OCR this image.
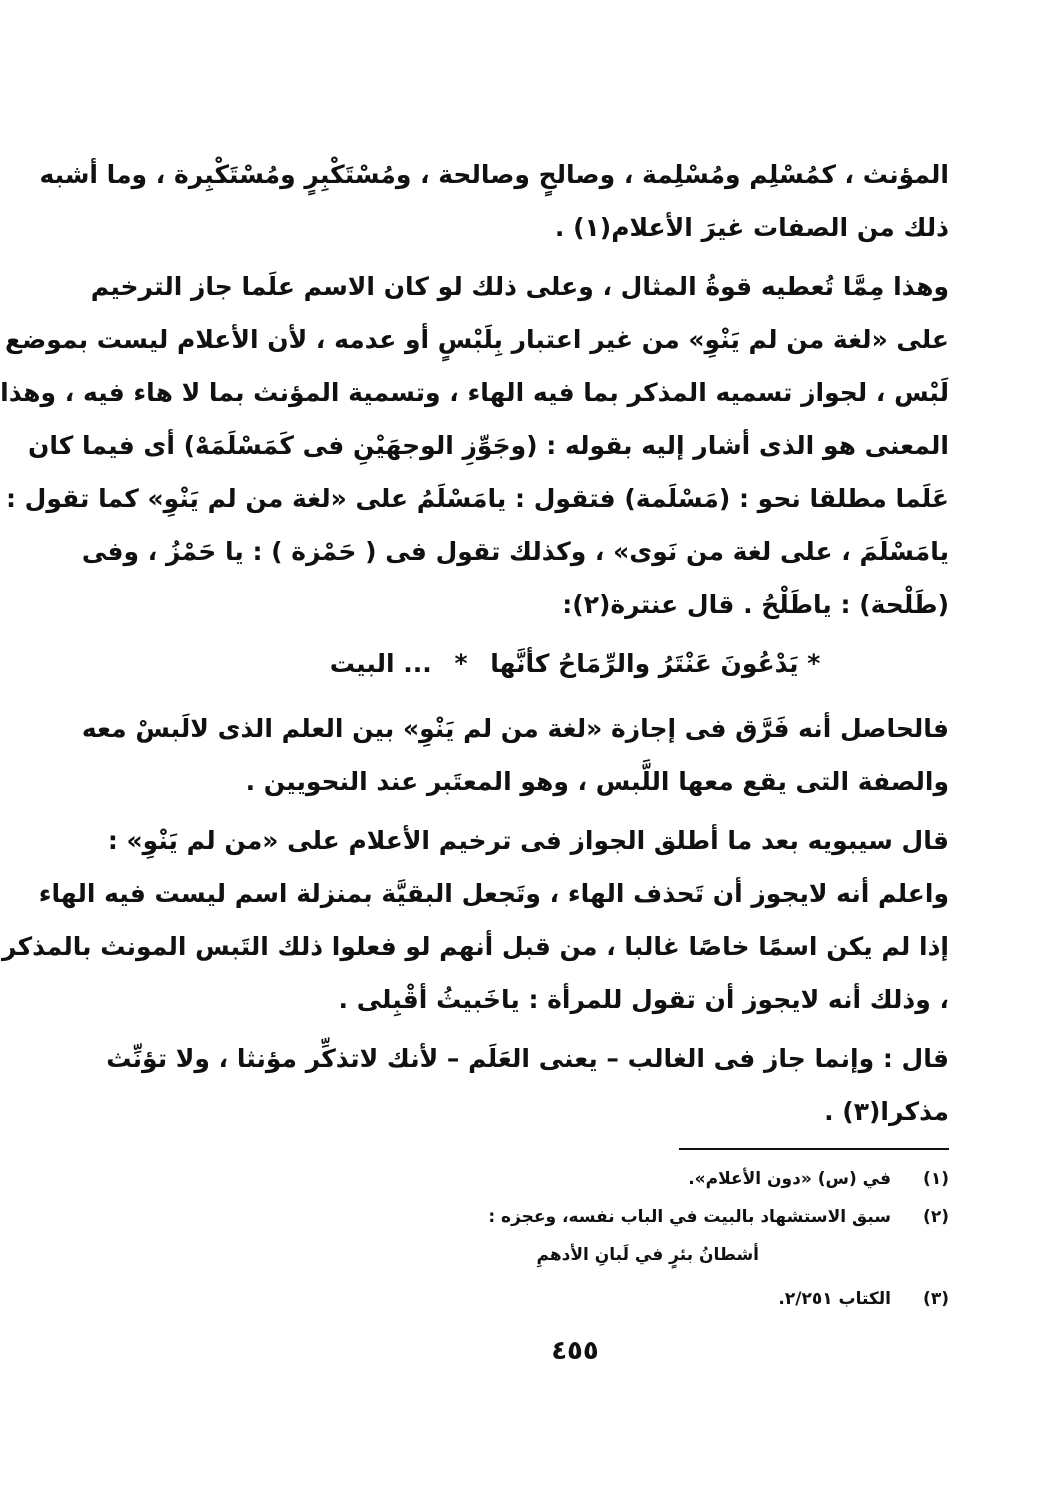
المؤنث ، كمُسْلِم ومُسْلِمة ، وصالحٍ وصالحة ، ومُسْتَكْبِرٍ ومُسْتَكْبِرة ، وما أشبه
ذلك من الصفات غيرَ الأعلام(١) .
وهذا مِمَّا تُعطيه قوةُ المثال ، وعلى ذلك لو كان الاسم علَما جاز الترخيم
على «لغة من لم يَنْوِ» من غير اعتبار بِلَبْسٍ أو عدمه ، لأن الأعلام ليست بموضع
لَبْس ، لجواز تسميه المذكر بما فيه الهاء ، وتسمية المؤنث بما لا هاء فيه ، وهذا
المعنى هو الذى أشار إليه بقوله : (وجَوِّزِ الوجهَيْنِ فى كَمَسْلَمَهْ) أى فيما كان
عَلَما مطلقا نحو : (مَسْلَمة) فتقول : يامَسْلَمُ على «لغة من لم يَنْوِ» كما تقول :
يامَسْلَمَ ، على لغة من نَوى» ، وكذلك تقول فى ( حَمْزة ) : يا حَمْزُ ، وفى
(طَلْحة) : ياطَلْحُ . قال عنترة(٢):
* يَدْعُونَ عَنْتَرُ والرِّمَاحُ كأنَّها * ... البيت
فالحاصل أنه فَرَّق فى إجازة «لغة من لم يَنْوِ» بين العلم الذى لالَبسْ معه
والصفة التى يقع معها اللَّبس ، وهو المعتَبر عند النحويين .
قال سيبويه بعد ما أطلق الجواز فى ترخيم الأعلام على «من لم يَنْوِ» :
واعلم أنه لايجوز أن تَحذف الهاء ، وتَجعل البقيَّة بمنزلة اسم ليست فيه الهاء
إذا لم يكن اسمًا خاصًا غالبا ، من قبل أنهم لو فعلوا ذلك التَبس المونث بالمذكر
، وذلك أنه لايجوز أن تقول للمرأة : ياخَبيثُ أقْبِلى .
قال : وإنما جاز فى الغالب – يعنى العَلَم – لأنك لاتذكِّر مؤنثا ، ولا تؤنِّث
مذكرا(٣) .
(١)
في (س) «دون الأعلام».
(٢)
سبق الاستشهاد بالبيت في الباب نفسه، وعجزه :
أشطانُ بئرٍ في لَبانِ الأدهمِ
(٣)
الكتاب ٢/٢٥١.
٤٥٥
